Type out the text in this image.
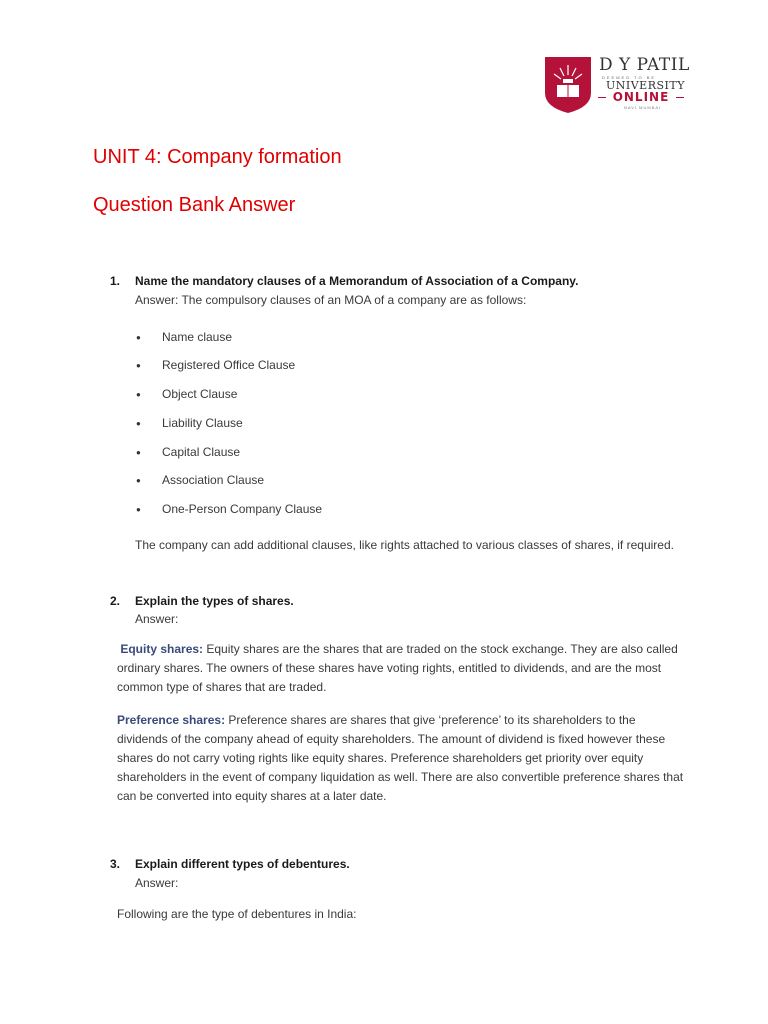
D Y PATIL
DEEMED TO BE
UNIVERSITY
ONLINE
NAVI MUMBAI
UNIT 4: Company formation
Question Bank Answer
1. Name the mandatory clauses of a Memorandum of Association of a Company.
Answer: The compulsory clauses of an MOA of a company are as follows:
● Name clause
● Registered Office Clause
● Object Clause
● Liability Clause
● Capital Clause
● Association Clause
● One-Person Company Clause

The company can add additional clauses, like rights attached to various classes of shares, if required.

2. Explain the types of shares.
Answer:

Equity shares: Equity shares are the shares that are traded on the stock exchange. They are also called ordinary shares. The owners of these shares have voting rights, entitled to dividends, and are the most common type of shares that are traded.

Preference shares: Preference shares are shares that give ‘preference’ to its shareholders to the dividends of the company ahead of equity shareholders. The amount of dividend is fixed however these shares do not carry voting rights like equity shares. Preference shareholders get priority over equity shareholders in the event of company liquidation as well. There are also convertible preference shares that can be converted into equity shares at a later date.

3. Explain different types of debentures.
Answer:
Following are the type of debentures in India:
